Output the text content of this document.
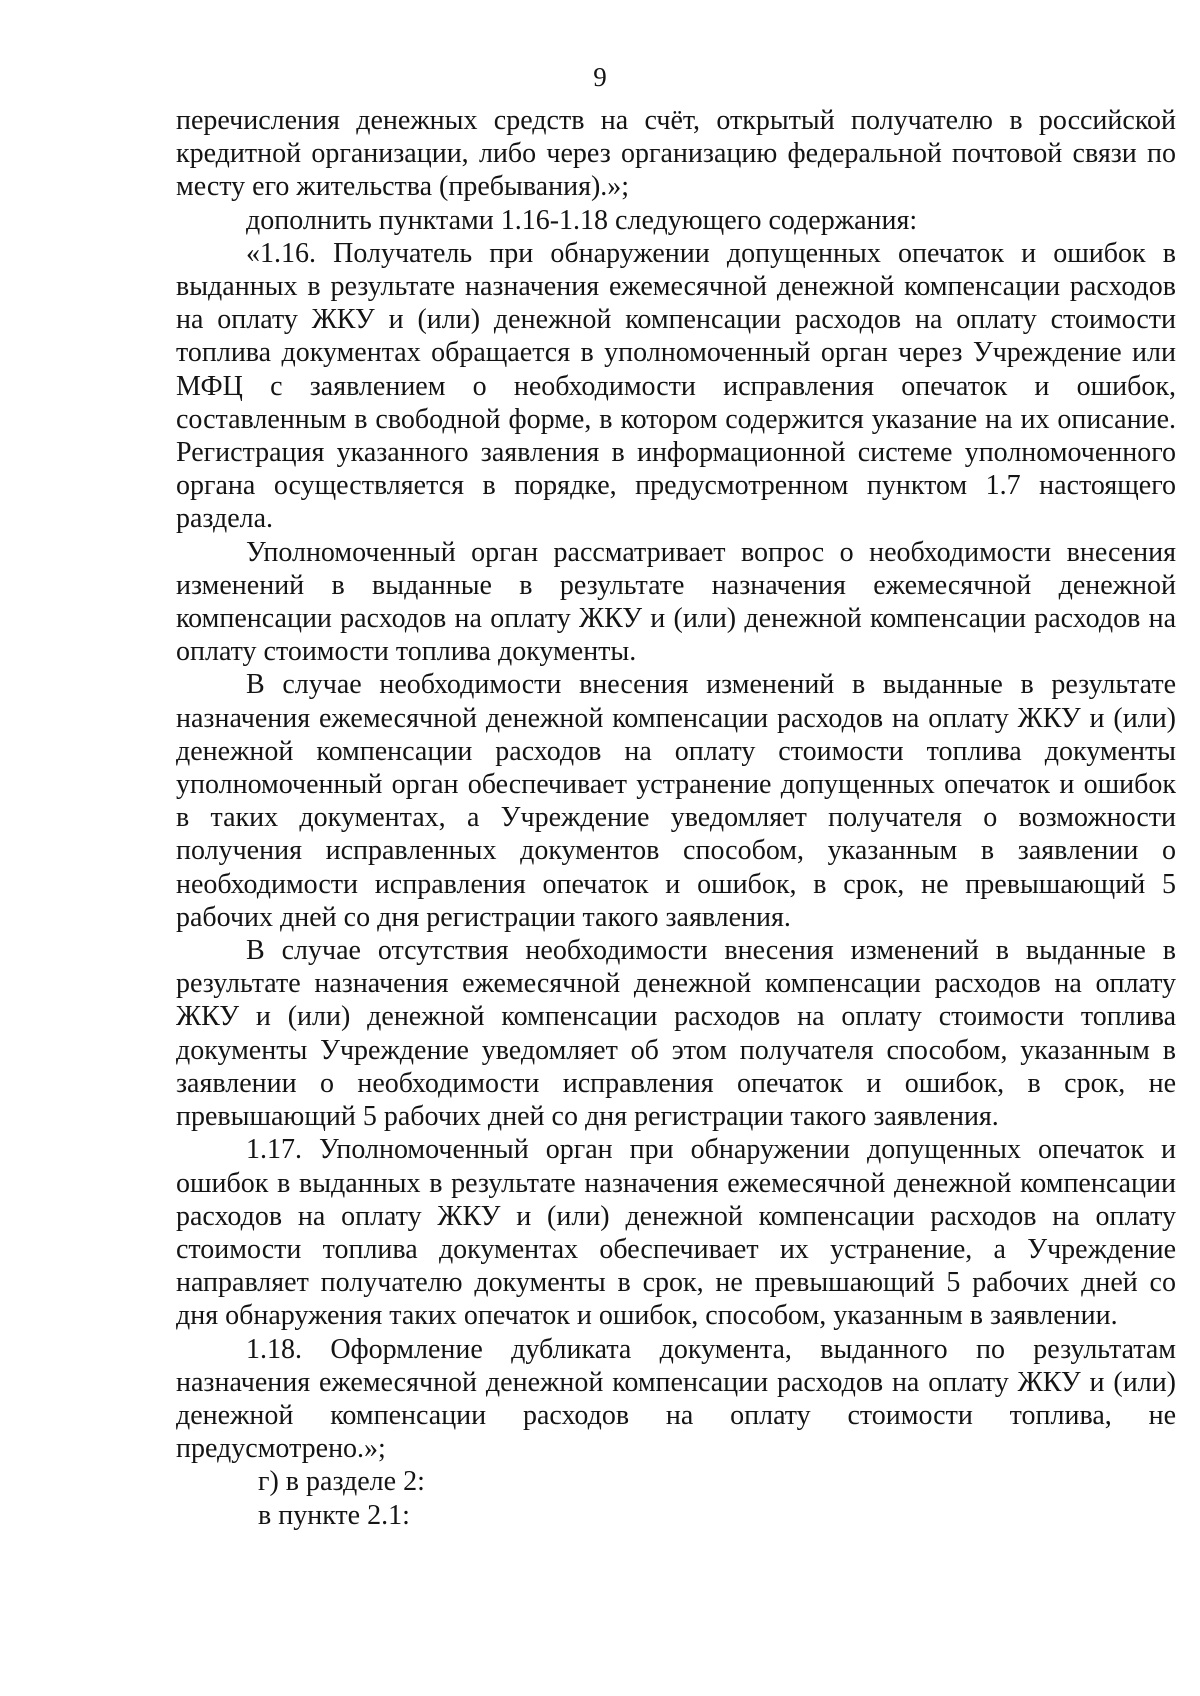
9

перечисления денежных средств на счёт, открытый получателю в российской кредитной организации, либо через организацию федеральной почтовой связи по месту его жительства (пребывания).»;

дополнить пунктами 1.16-1.18 следующего содержания:

«1.16. Получатель при обнаружении допущенных опечаток и ошибок в выданных в результате назначения ежемесячной денежной компенсации расходов на оплату ЖКУ и (или) денежной компенсации расходов на оплату стоимости топлива документах обращается в уполномоченный орган через Учреждение или МФЦ с заявлением о необходимости исправления опечаток и ошибок, составленным в свободной форме, в котором содержится указание на их описание. Регистрация указанного заявления в информационной системе уполномоченного органа осуществляется в порядке, предусмотренном пунктом 1.7 настоящего раздела.

Уполномоченный орган рассматривает вопрос о необходимости внесения изменений в выданные в результате назначения ежемесячной денежной компенсации расходов на оплату ЖКУ и (или) денежной компенсации расходов на оплату стоимости топлива документы.

В случае необходимости внесения изменений в выданные в результате назначения ежемесячной денежной компенсации расходов на оплату ЖКУ и (или) денежной компенсации расходов на оплату стоимости топлива документы уполномоченный орган обеспечивает устранение допущенных опечаток и ошибок в таких документах, а Учреждение уведомляет получателя о возможности получения исправленных документов способом, указанным в заявлении о необходимости исправления опечаток и ошибок, в срок, не превышающий 5 рабочих дней со дня регистрации такого заявления.

В случае отсутствия необходимости внесения изменений в выданные в результате назначения ежемесячной денежной компенсации расходов на оплату ЖКУ и (или) денежной компенсации расходов на оплату стоимости топлива документы Учреждение уведомляет об этом получателя способом, указанным в заявлении о необходимости исправления опечаток и ошибок, в срок, не превышающий 5 рабочих дней со дня регистрации такого заявления.

1.17. Уполномоченный орган при обнаружении допущенных опечаток и ошибок в выданных в результате назначения ежемесячной денежной компенсации расходов на оплату ЖКУ и (или) денежной компенсации расходов на оплату стоимости топлива документах обеспечивает их устранение, а Учреждение направляет получателю документы в срок, не превышающий 5 рабочих дней со дня обнаружения таких опечаток и ошибок, способом, указанным в заявлении.

1.18. Оформление дубликата документа, выданного по результатам назначения ежемесячной денежной компенсации расходов на оплату ЖКУ и (или) денежной компенсации расходов на оплату стоимости топлива, не предусмотрено.»;

г) в разделе 2:

в пункте 2.1:
